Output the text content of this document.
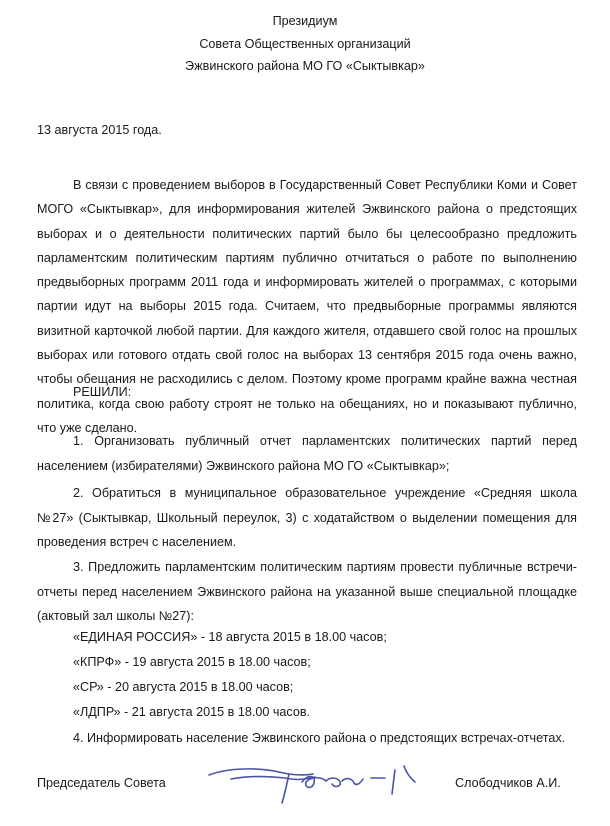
Президиум
Совета Общественных организаций
Эжвинского района МО ГО «Сыктывкар»
13 августа 2015 года.
В связи с проведением выборов в Государственный Совет Республики Коми и Совет МОГО «Сыктывкар», для информирования жителей Эжвинского района о предстоящих выборах и о деятельности политических партий было бы целесообразно предложить парламентским политическим партиям публично отчитаться о работе по выполнению предвыборных программ 2011 года и информировать жителей о программах, с которыми партии идут на выборы 2015 года. Считаем, что предвыборные программы являются визитной карточкой любой партии. Для каждого жителя, отдавшего свой голос на прошлых выборах или готового отдать свой голос на выборах 13 сентября 2015 года очень важно, чтобы обещания не расходились с делом. Поэтому кроме программ крайне важна честная политика, когда свою работу строят не только на обещаниях, но и показывают публично, что уже сделано.
РЕШИЛИ:
1. Организовать публичный отчет парламентских политических партий перед населением (избирателями) Эжвинского района МО ГО «Сыктывкар»;
2. Обратиться в муниципальное образовательное учреждение «Средняя школа №27» (Сыктывкар, Школьный переулок, 3) с ходатайством о выделении помещения для проведения встреч с населением.
3. Предложить парламентским политическим партиям провести публичные встречи-отчеты перед населением Эжвинского района на указанной выше специальной площадке (актовый зал школы №27):
«ЕДИНАЯ РОССИЯ» - 18 августа 2015 в 18.00 часов;
«КПРФ» - 19 августа 2015 в 18.00 часов;
«СР» - 20 августа 2015 в 18.00 часов;
«ЛДПР» - 21 августа 2015 в 18.00 часов.
4. Информировать население Эжвинского района о предстоящих встречах-отчетах.
Председатель Совета	Слободчиков А.И.
